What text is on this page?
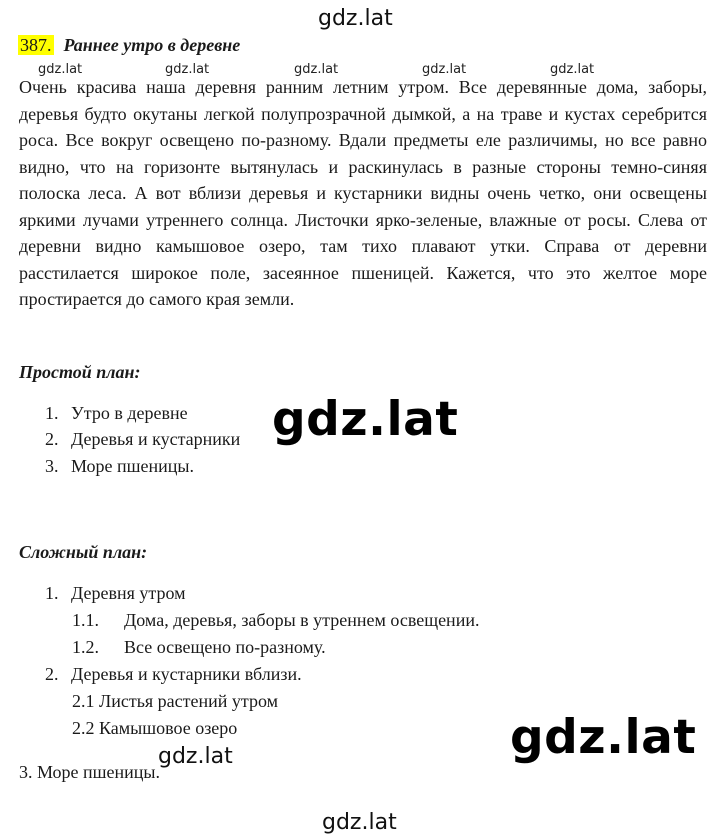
gdz.lat
387. Раннее утро в деревне
gdz.lat	gdz.lat	gdz.lat	gdz.lat	gdz.lat

Очень красива наша деревня ранним летним утром. Все деревянные дома, заборы, деревья будто окутаны легкой полупрозрачной дымкой, а на траве и кустах серебрится роса. Все вокруг освещено по-разному. Вдали предметы еле различимы, но все равно видно, что на горизонте вытянулась и раскинулась в разные стороны темно-синяя полоска леса. А вот вблизи деревья и кустарники видны очень четко, они освещены яркими лучами утреннего солнца. Листочки ярко-зеленые, влажные от росы. Слева от деревни видно камышовое озеро, там тихо плавают утки. Справа от деревни расстилается широкое поле, засеянное пшеницей. Кажется, что это желтое море простирается до самого края земли.

Простой план:
1. Утро в деревне
2. Деревья и кустарники
3. Море пшеницы.
gdz.lat
Сложный план:
1. Деревня утром
1.1. Дома, деревья, заборы в утреннем освещении.
1.2. Все освещено по-разному.
2. Деревья и кустарники вблизи.
2.1 Листья растений утром
2.2 Камышовое озеро
gdz.lat
3. Море пшеницы.
gdz.lat
gdz.lat
